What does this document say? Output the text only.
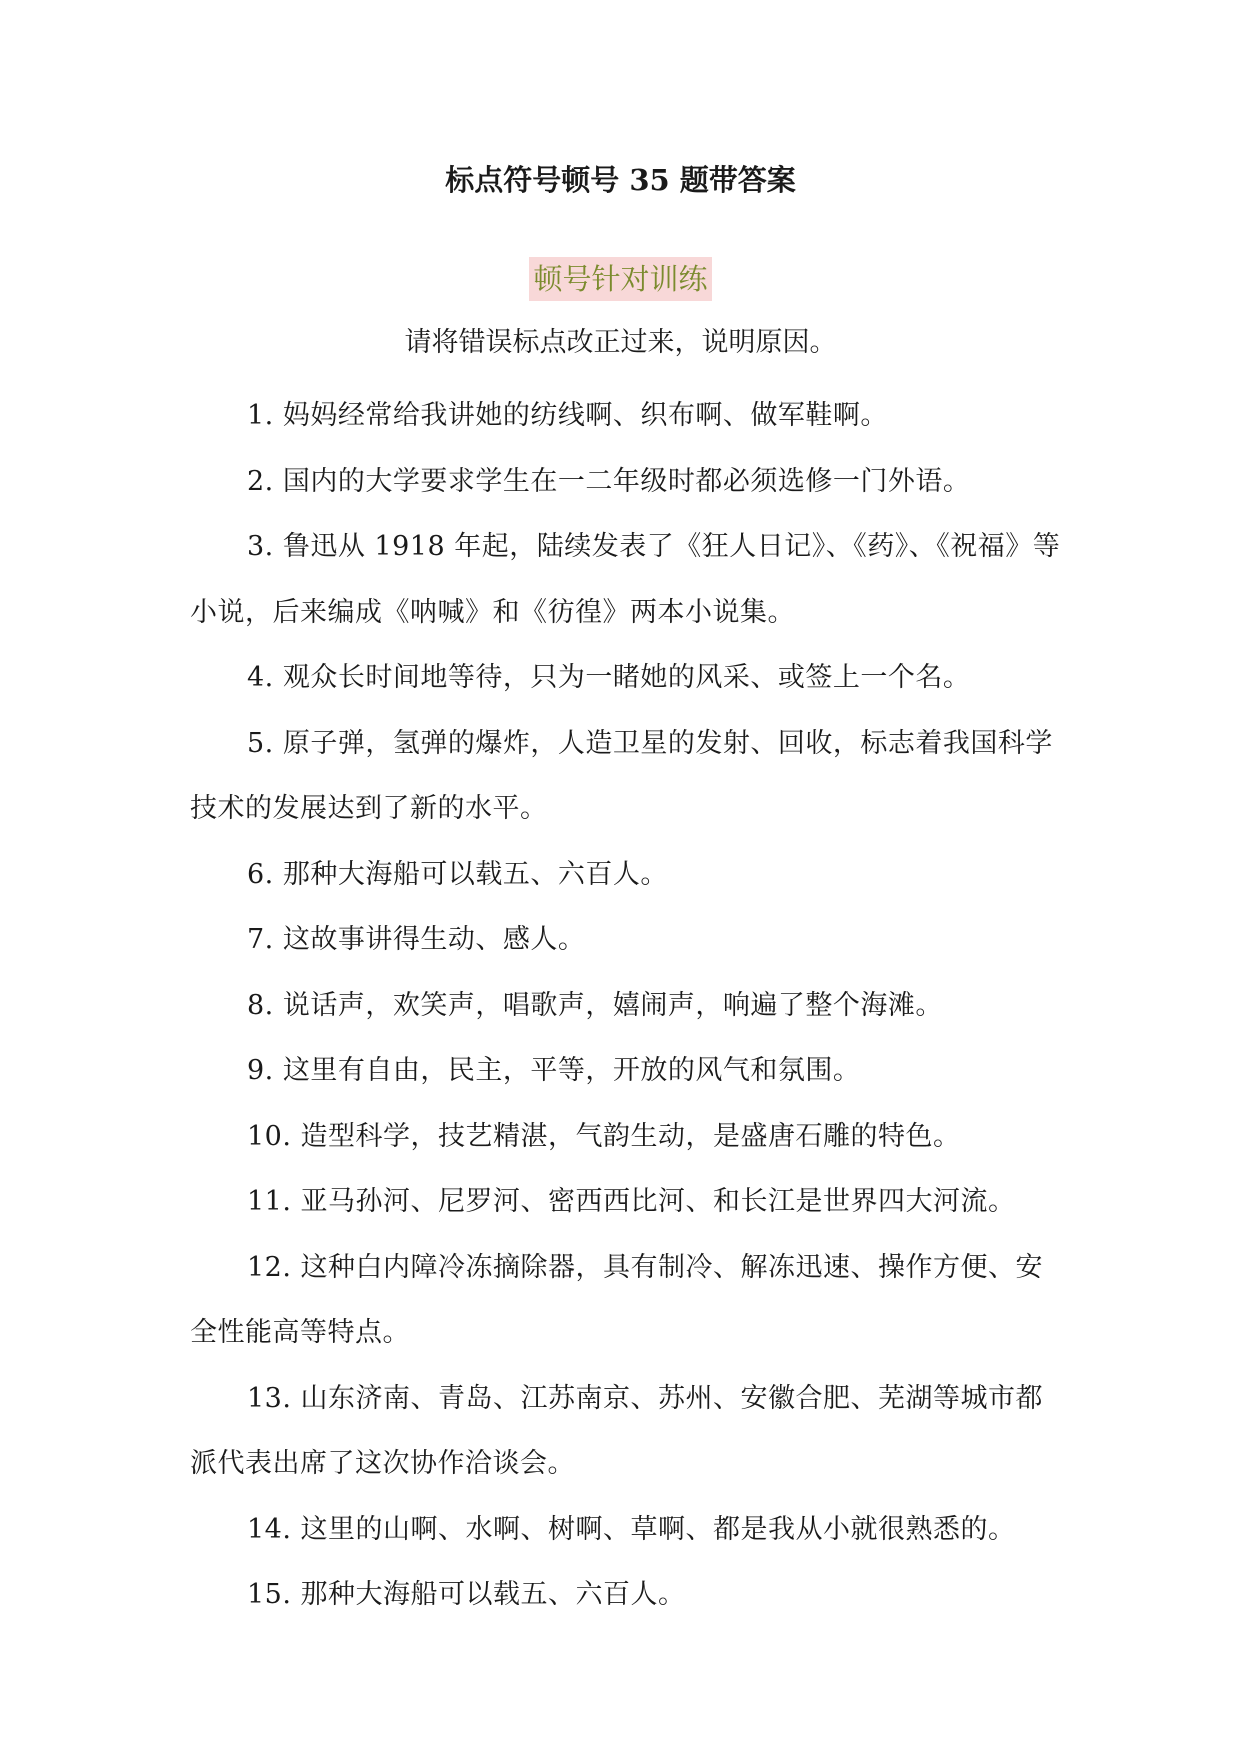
标点符号顿号 35 题带答案
顿号针对训练

请将错误标点改正过来，说明原因。

1. 妈妈经常给我讲她的纺线啊、织布啊、做军鞋啊。
2. 国内的大学要求学生在一二年级时都必须选修一门外语。
3. 鲁迅从 1918 年起，陆续发表了《狂人日记》、《药》、《祝福》等小说，后来编成《呐喊》和《彷徨》两本小说集。
4. 观众长时间地等待，只为一睹她的风采、或签上一个名。
5. 原子弹，氢弹的爆炸，人造卫星的发射、回收，标志着我国科学技术的发展达到了新的水平。
6. 那种大海船可以载五、六百人。
7. 这故事讲得生动、感人。
8. 说话声，欢笑声，唱歌声，嬉闹声，响遍了整个海滩。
9. 这里有自由，民主，平等，开放的风气和氛围。
10. 造型科学，技艺精湛，气韵生动，是盛唐石雕的特色。
11. 亚马孙河、尼罗河、密西西比河、和长江是世界四大河流。
12. 这种白内障冷冻摘除器，具有制冷、解冻迅速、操作方便、安全性能高等特点。
13. 山东济南、青岛、江苏南京、苏州、安徽合肥、芜湖等城市都派代表出席了这次协作洽谈会。
14. 这里的山啊、水啊、树啊、草啊、都是我从小就很熟悉的。
15. 那种大海船可以载五、六百人。
